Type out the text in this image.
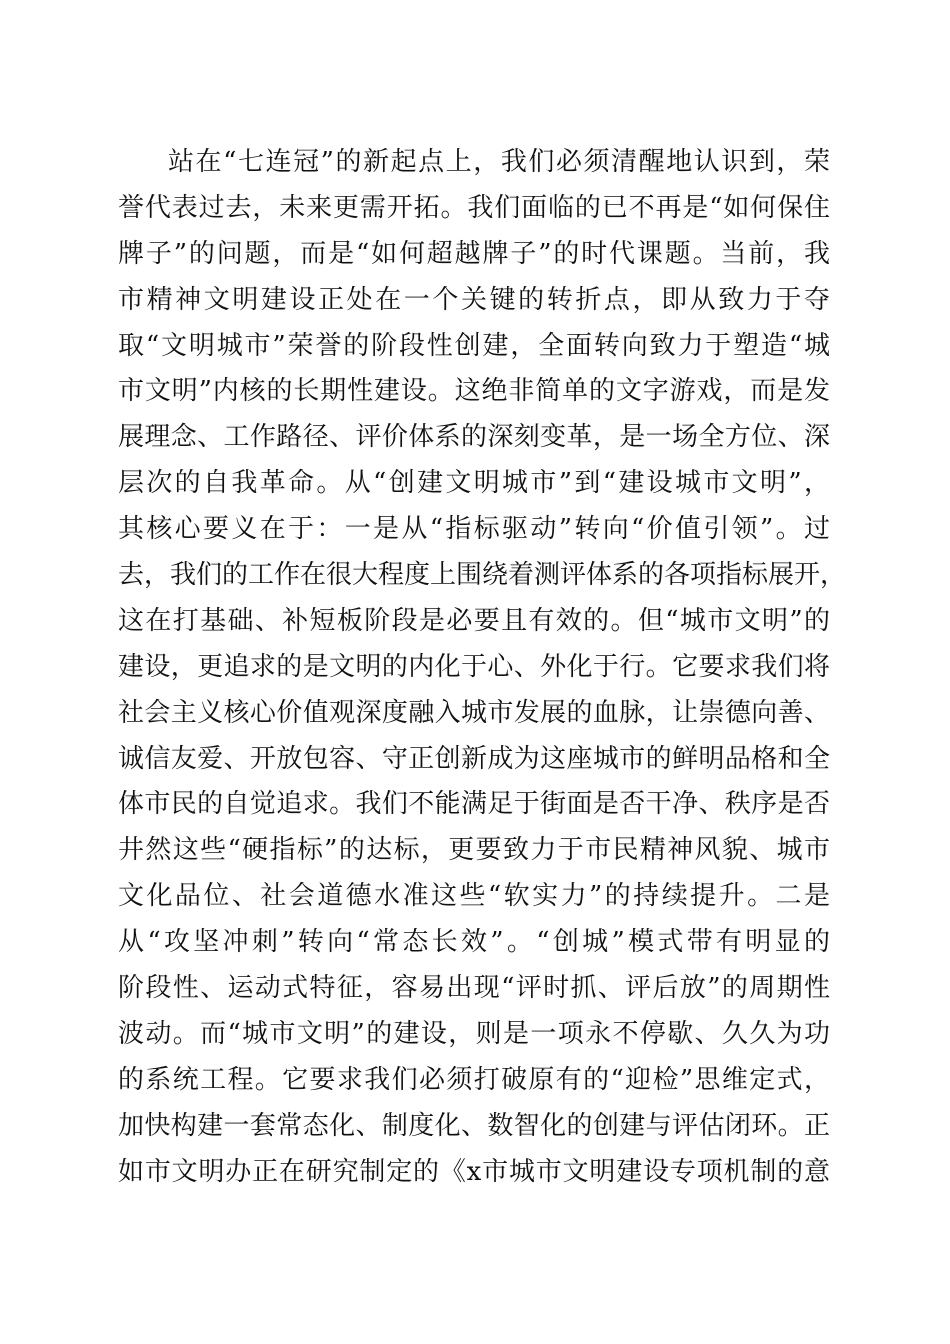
站在“七连冠”的新起点上，我们必须清醒地认识到，荣
誉代表过去，未来更需开拓。我们面临的已不再是“如何保住
牌子”的问题，而是“如何超越牌子”的时代课题。当前，我
市精神文明建设正处在一个关键的转折点，即从致力于夺
取“文明城市”荣誉的阶段性创建，全面转向致力于塑造“城
市文明”内核的长期性建设。这绝非简单的文字游戏，而是发
展理念、工作路径、评价体系的深刻变革，是一场全方位、深
层次的自我革命。从“创建文明城市”到“建设城市文明”，
其核心要义在于：一是从“指标驱动”转向“价值引领”。过
去，我们的工作在很大程度上围绕着测评体系的各项指标展开，
这在打基础、补短板阶段是必要且有效的。但“城市文明”的
建设，更追求的是文明的内化于心、外化于行。它要求我们将
社会主义核心价值观深度融入城市发展的血脉，让崇德向善、
诚信友爱、开放包容、守正创新成为这座城市的鲜明品格和全
体市民的自觉追求。我们不能满足于街面是否干净、秩序是否
井然这些“硬指标”的达标，更要致力于市民精神风貌、城市
文化品位、社会道德水准这些“软实力”的持续提升。二是
从“攻坚冲刺”转向“常态长效”。“创城”模式带有明显的
阶段性、运动式特征，容易出现“评时抓、评后放”的周期性
波动。而“城市文明”的建设，则是一项永不停歇、久久为功
的系统工程。它要求我们必须打破原有的“迎检”思维定式，
加快构建一套常态化、制度化、数智化的创建与评估闭环。正
如市文明办正在研究制定的《x市城市文明建设专项机制的意
